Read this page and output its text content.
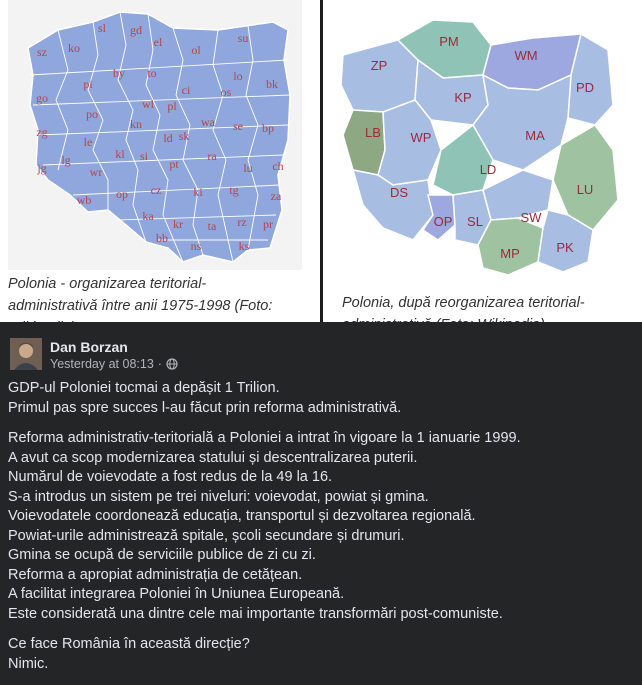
sl gd
el	su
sz ko	ol
by to	lo
bk
go
pi	ci	os
po
wl pl
kn
ld sk
wa se bp
zg
le
ra
kl si
pt	lu ch
jg
lg
wr
op cz	ki tg	za
wb
ka
kr ta rz pr
bb
ns	ks
Polonia - organizarea teritorial-
administrativă între anii 1975-1998 (Foto:
PM
WM
ZP
PD
KP
LB WP	MA
LD
LU
DS
OP SL	SW
MP	PK
Polonia, după reorganizarea teritorial-
Dan Borzan
Yesterday at 08:13 ·
GDP-ul Poloniei tocmai a depășit 1 Trilion.
Primul pas spre succes l-au făcut prin reforma administrativă.
Reforma administrativ-teritorială a Poloniei a intrat în vigoare la 1 ianuarie 1999.
A avut ca scop modernizarea statului și descentralizarea puterii.
Numărul de voievodate a fost redus de la 49 la 16.
S-a introdus un sistem pe trei niveluri: voievodat, powiat și gmina.
Voievodatele coordonează educația, transportul și dezvoltarea regională.
Powiat-urile administrează spitale, școli secundare și drumuri.
Gmina se ocupă de serviciile publice de zi cu zi.
Reforma a apropiat administrația de cetățean.
A facilitat integrarea Poloniei în Uniunea Europeană.
Este considerată una dintre cele mai importante transformări post-comuniste.
Ce face România în această direcție?
Nimic.
